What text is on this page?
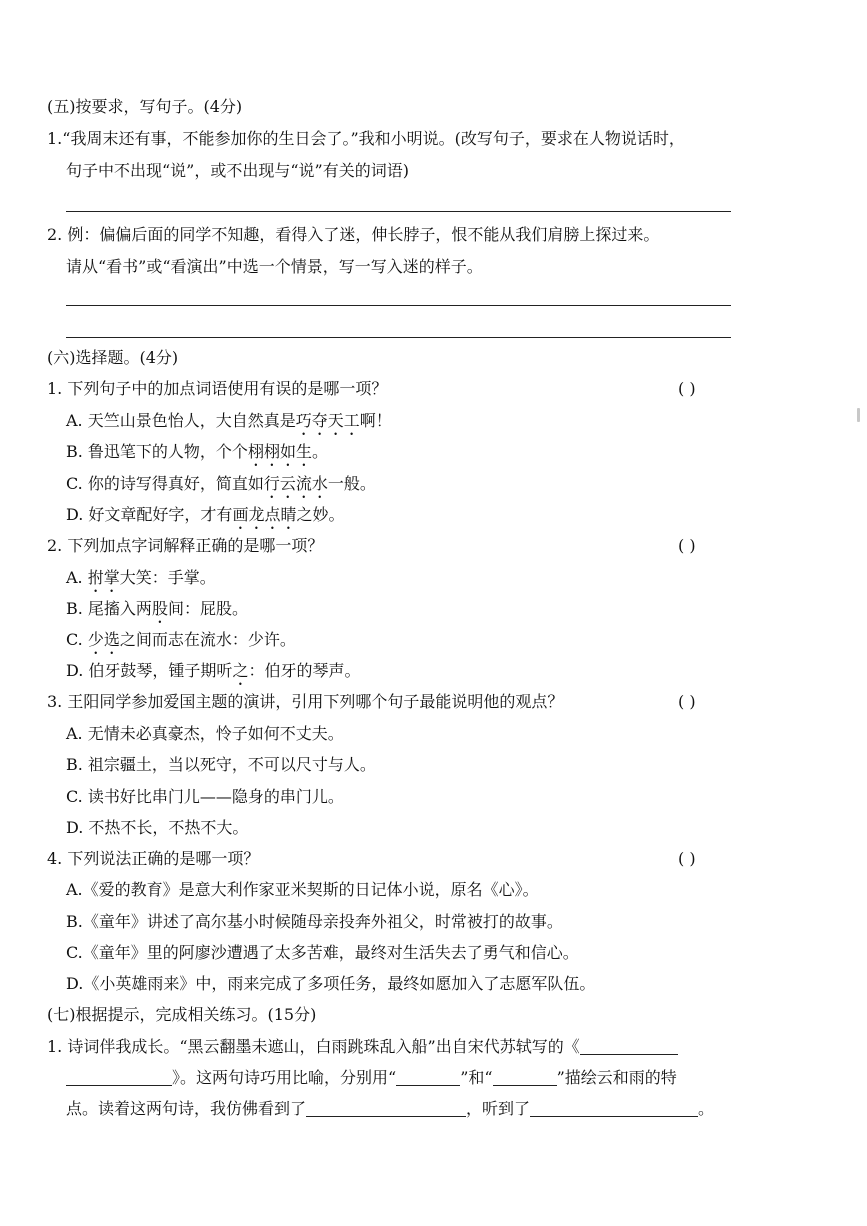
(五)按要求，写句子。(4分)
1.“我周末还有事，不能参加你的生日会了。”我和小明说。(改写句子，要求在人物说话时，
句子中不出现“说”，或不出现与“说”有关的词语)
2. 例：偏偏后面的同学不知趣，看得入了迷，伸长脖子，恨不能从我们肩膀上探过来。
请从“看书”或“看演出”中选一个情景，写一写入迷的样子。
(六)选择题。(4分)
1. 下列句子中的加点词语使用有误的是哪一项？	( )
A. 天竺山景色怡人，大自然真是巧夺天工啊！
B. 鲁迅笔下的人物，个个栩栩如生。
C. 你的诗写得真好，简直如行云流水一般。
D. 好文章配好字，才有画龙点睛之妙。
2. 下列加点字词解释正确的是哪一项？	( )
A. 拊掌大笑：手掌。
B. 尾搐入两股间：屁股。
C. 少选之间而志在流水：少许。
D. 伯牙鼓琴，锺子期听之：伯牙的琴声。
3. 王阳同学参加爱国主题的演讲，引用下列哪个句子最能说明他的观点？	( )
A. 无情未必真豪杰，怜子如何不丈夫。
B. 祖宗疆土，当以死守，不可以尺寸与人。
C. 读书好比串门儿——隐身的串门儿。
D. 不热不长，不热不大。
4. 下列说法正确的是哪一项？	( )
A.《爱的教育》是意大利作家亚米契斯的日记体小说，原名《心》。
B.《童年》讲述了高尔基小时候随母亲投奔外祖父，时常被打的故事。
C.《童年》里的阿廖沙遭遇了太多苦难，最终对生活失去了勇气和信心。
D.《小英雄雨来》中，雨来完成了多项任务，最终如愿加入了志愿军队伍。
(七)根据提示，完成相关练习。(15分)
1. 诗词伴我成长。“黑云翻墨未遮山，白雨跳珠乱入船”出自宋代苏轼写的《
》。这两句诗巧用比喻，分别用“	”和“	”描绘云和雨的特
点。读着这两句诗，我仿佛看到了	，听到了	。
